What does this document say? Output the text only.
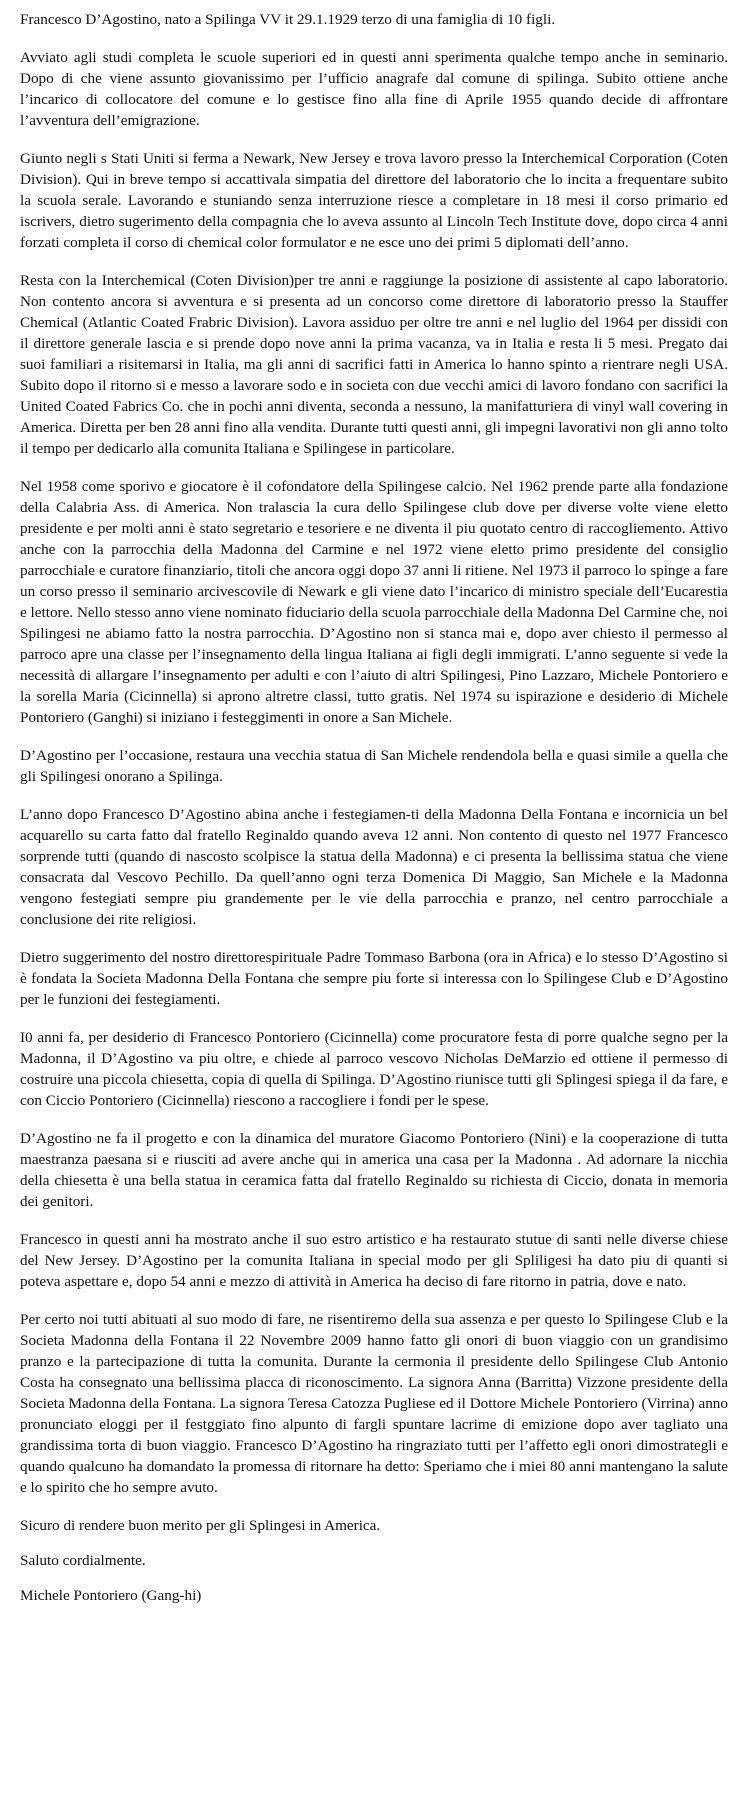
Francesco D’Agostino, nato a Spilinga VV it 29.1.1929 terzo di una famiglia di 10 figli.

Avviato agli studi completa le scuole superiori ed in questi anni sperimenta qualche tempo anche in seminario. Dopo di che viene assunto giovanissimo per l’ufficio anagrafe dal comune di spilinga. Subito ottiene anche l’incarico di collocatore del comune e lo gestisce fino alla fine di Aprile 1955 quando decide di affrontare l’avventura dell’emigrazione.

Giunto negli s Stati Uniti si ferma a Newark, New Jersey e trova lavoro presso la Interchemical Corporation (Coten Division). Qui in breve tempo si accattivala simpatia del direttore del laboratorio che lo incita a frequentare subito la scuola serale. Lavorando e stuniando senza interruzione riesce a completare in 18 mesi il corso primario ed iscrivers, dietro sugerimento della compagnia che lo aveva assunto al Lincoln Tech Institute dove, dopo circa 4 anni forzati completa il corso di chemical color formulator e ne esce uno dei primi 5 diplomati dell’anno.

Resta con la Interchemical (Coten Division)per tre anni e raggiunge la posizione di assistente al capo laboratorio. Non contento ancora si avventura e si presenta ad un concorso come direttore di laboratorio presso la Stauffer Chemical (Atlantic Coated Frabric Division). Lavora assiduo per oltre tre anni e nel luglio del 1964 per dissidi con il direttore generale lascia e si prende dopo nove anni la prima vacanza, va in Italia e resta li 5 mesi. Pregato dai suoi familiari a risitemarsi in Italia, ma gli anni di sacrifici fatti in America lo hanno spinto a rientrare negli USA. Subito dopo il ritorno si e messo a lavorare sodo e in societa con due vecchi amici di lavoro fondano con sacrifici la United Coated Fabrics Co. che in pochi anni diventa, seconda a nessuno, la manifatturiera di vinyl wall covering in America. Diretta per ben 28 anni fino alla vendita. Durante tutti questi anni, gli impegni lavorativi non gli anno tolto il tempo per dedicarlo alla comunita Italiana e Spilingese in particolare.

Nel 1958 come sporivo e giocatore è il cofondatore della Spilingese calcio. Nel 1962 prende parte alla fondazione della Calabria Ass. di America. Non tralascia la cura dello Spilingese club dove per diverse volte viene eletto presidente e per molti anni è stato segretario e tesoriere e ne diventa il piu quotato centro di raccogliemento. Attivo anche con la parrocchia della Madonna del Carmine e nel 1972 viene eletto primo presidente del consiglio parrocchiale e curatore finanziario, titoli che ancora oggi dopo 37 anni li ritiene. Nel 1973 il parroco lo spinge a fare un corso presso il seminario arcivescovile di Newark e gli viene dato l’incarico di ministro speciale dell’Eucarestia e lettore. Nello stesso anno viene nominato fiduciario della scuola parrocchiale della Madonna Del Carmine che, noi Spilingesi ne abiamo fatto la nostra parrocchia. D’Agostino non si stanca mai e, dopo aver chiesto il permesso al parroco apre una classe per l’insegnamento della lingua Italiana ai figli degli immigrati. L’anno seguente si vede la necessità di allargare l’insegnamento per adulti e con l’aiuto di altri Spilingesi, Pino Lazzaro, Michele Pontoriero e la sorella Maria (Cicinnella) si aprono altretre classi, tutto gratis. Nel 1974 su ispirazione e desiderio di Michele Pontoriero (Ganghi) si iniziano i festeggimenti in onore a San Michele.

D’Agostino per l’occasione, restaura una vecchia statua di San Michele rendendola bella e quasi simile a quella che gli Spilingesi onorano a Spilinga.

L’anno dopo Francesco D’Agostino abina anche i festegiamen-ti della Madonna Della Fontana e incornicia un bel acquarello su carta fatto dal fratello Reginaldo quando aveva 12 anni. Non contento di questo nel 1977 Francesco sorprende tutti (quando di nascosto scolpisce la statua della Madonna) e ci presenta la bellissima statua che viene consacrata dal Vescovo Pechillo. Da quell’anno ogni terza Domenica Di Maggio, San Michele e la Madonna vengono festegiati sempre piu grandemente per le vie della parrocchia e pranzo, nel centro parrocchiale a conclusione dei rite religiosi.

Dietro suggerimento del nostro direttorespirituale Padre Tommaso Barbona (ora in Africa) e lo stesso D’Agostino si è fondata la Societa Madonna Della Fontana che sempre piu forte si interessa con lo Spilingese Club e D’Agostino per le funzioni dei festegiamenti.

I0 anni fa, per desiderio di Francesco Pontoriero (Cicinnella) come procuratore festa di porre qualche segno per la Madonna, il D’Agostino va piu oltre, e chiede al parroco vescovo Nicholas DeMarzio ed ottiene il permesso di costruire una piccola chiesetta, copia di quella di Spilinga. D’Agostino riunisce tutti gli Splingesi spiega il da fare, e con Ciccio Pontoriero (Cicinnella) riescono a raccogliere i fondi per le spese.

D’Agostino ne fa il progetto e con la dinamica del muratore Giacomo Pontoriero (Nini) e la cooperazione di tutta maestranza paesana si e riusciti ad avere anche qui in america una casa per la Madonna . Ad adornare la nicchia della chiesetta è una bella statua in ceramica fatta dal fratello Reginaldo su richiesta di Ciccio, donata in memoria dei genitori.

Francesco in questi anni ha mostrato anche il suo estro artistico e ha restaurato stutue di santi nelle diverse chiese del New Jersey. D’Agostino per la comunita Italiana in special modo per gli Spliligesi ha dato piu di quanti si poteva aspettare e, dopo 54 anni e mezzo di attività in America ha deciso di fare ritorno in patria, dove e nato.

Per certo noi tutti abituati al suo modo di fare, ne risentiremo della sua assenza e per questo lo Spilingese Club e la Societa Madonna della Fontana il 22 Novembre 2009 hanno fatto gli onori di buon viaggio con un grandisimo pranzo e la partecipazione di tutta la comunita. Durante la cermonia il presidente dello Spilingese Club Antonio Costa ha consegnato una bellissima placca di riconoscimento. La signora Anna (Barritta) Vizzone presidente della Societa Madonna della Fontana. La signora Teresa Catozza Pugliese ed il Dottore Michele Pontoriero (Virrina) anno pronunciato eloggi per il festggiato fino alpunto di fargli spuntare lacrime di emizione dopo aver tagliato una grandissima torta di buon viaggio. Francesco D’Agostino ha ringraziato tutti per l’affetto egli onori dimostrategli e quando qualcuno ha domandato la promessa di ritornare ha detto: Speriamo che i miei 80 anni mantengano la salute e lo spirito che ho sempre avuto.

Sicuro di rendere buon merito per gli Splingesi in America.

Saluto cordialmente.

Michele Pontoriero (Gang-hi)
